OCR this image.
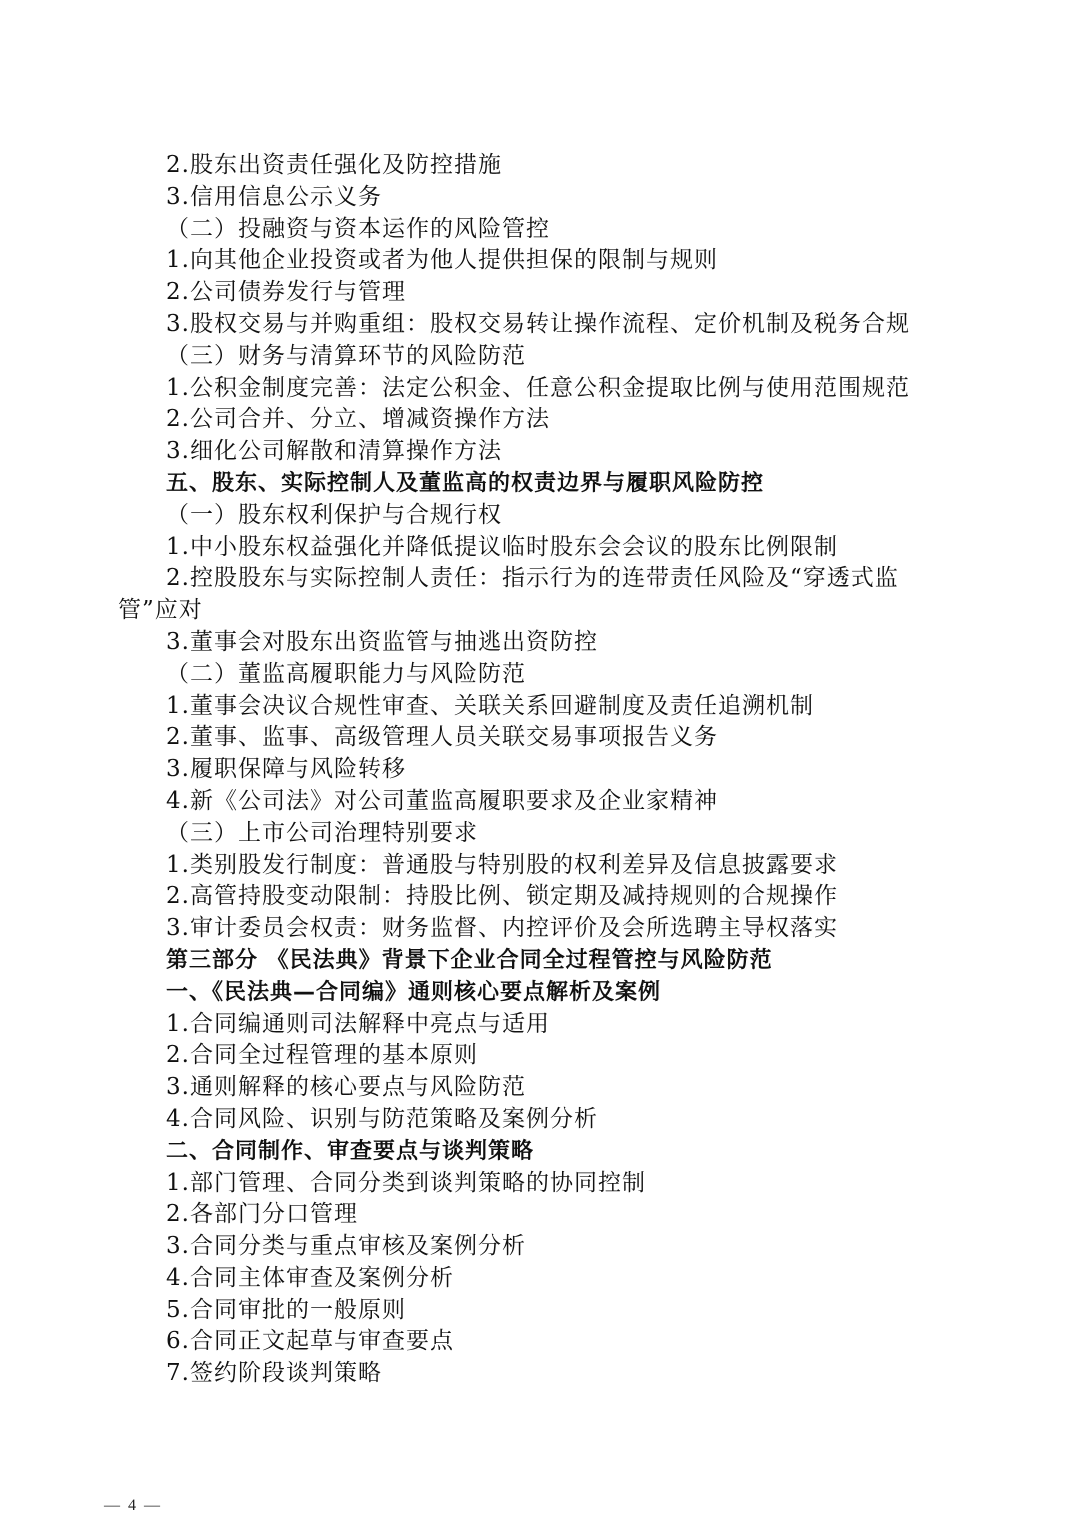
2.股东出资责任强化及防控措施
3.信用信息公示义务
（二）投融资与资本运作的风险管控
1.向其他企业投资或者为他人提供担保的限制与规则
2.公司债券发行与管理
3.股权交易与并购重组：股权交易转让操作流程、定价机制及税务合规
（三）财务与清算环节的风险防范
1.公积金制度完善：法定公积金、任意公积金提取比例与使用范围规范
2.公司合并、分立、增减资操作方法
3.细化公司解散和清算操作方法
五、股东、实际控制人及董监高的权责边界与履职风险防控
（一）股东权利保护与合规行权
1.中小股东权益强化并降低提议临时股东会会议的股东比例限制
2.控股股东与实际控制人责任：指示行为的连带责任风险及“穿透式监
管”应对
3.董事会对股东出资监管与抽逃出资防控
（二）董监高履职能力与风险防范
1.董事会决议合规性审查、关联关系回避制度及责任追溯机制
2.董事、监事、高级管理人员关联交易事项报告义务
3.履职保障与风险转移
4.新《公司法》对公司董监高履职要求及企业家精神
（三）上市公司治理特别要求
1.类别股发行制度：普通股与特别股的权利差异及信息披露要求
2.高管持股变动限制：持股比例、锁定期及减持规则的合规操作
3.审计委员会权责：财务监督、内控评价及会所选聘主导权落实
第三部分 《民法典》背景下企业合同全过程管控与风险防范
一、《民法典—合同编》通则核心要点解析及案例
1.合同编通则司法解释中亮点与适用
2.合同全过程管理的基本原则
3.通则解释的核心要点与风险防范
4.合同风险、识别与防范策略及案例分析
二、合同制作、审查要点与谈判策略
1.部门管理、合同分类到谈判策略的协同控制
2.各部门分口管理
3.合同分类与重点审核及案例分析
4.合同主体审查及案例分析
5.合同审批的一般原则
6.合同正文起草与审查要点
7.签约阶段谈判策略
— 4 —
